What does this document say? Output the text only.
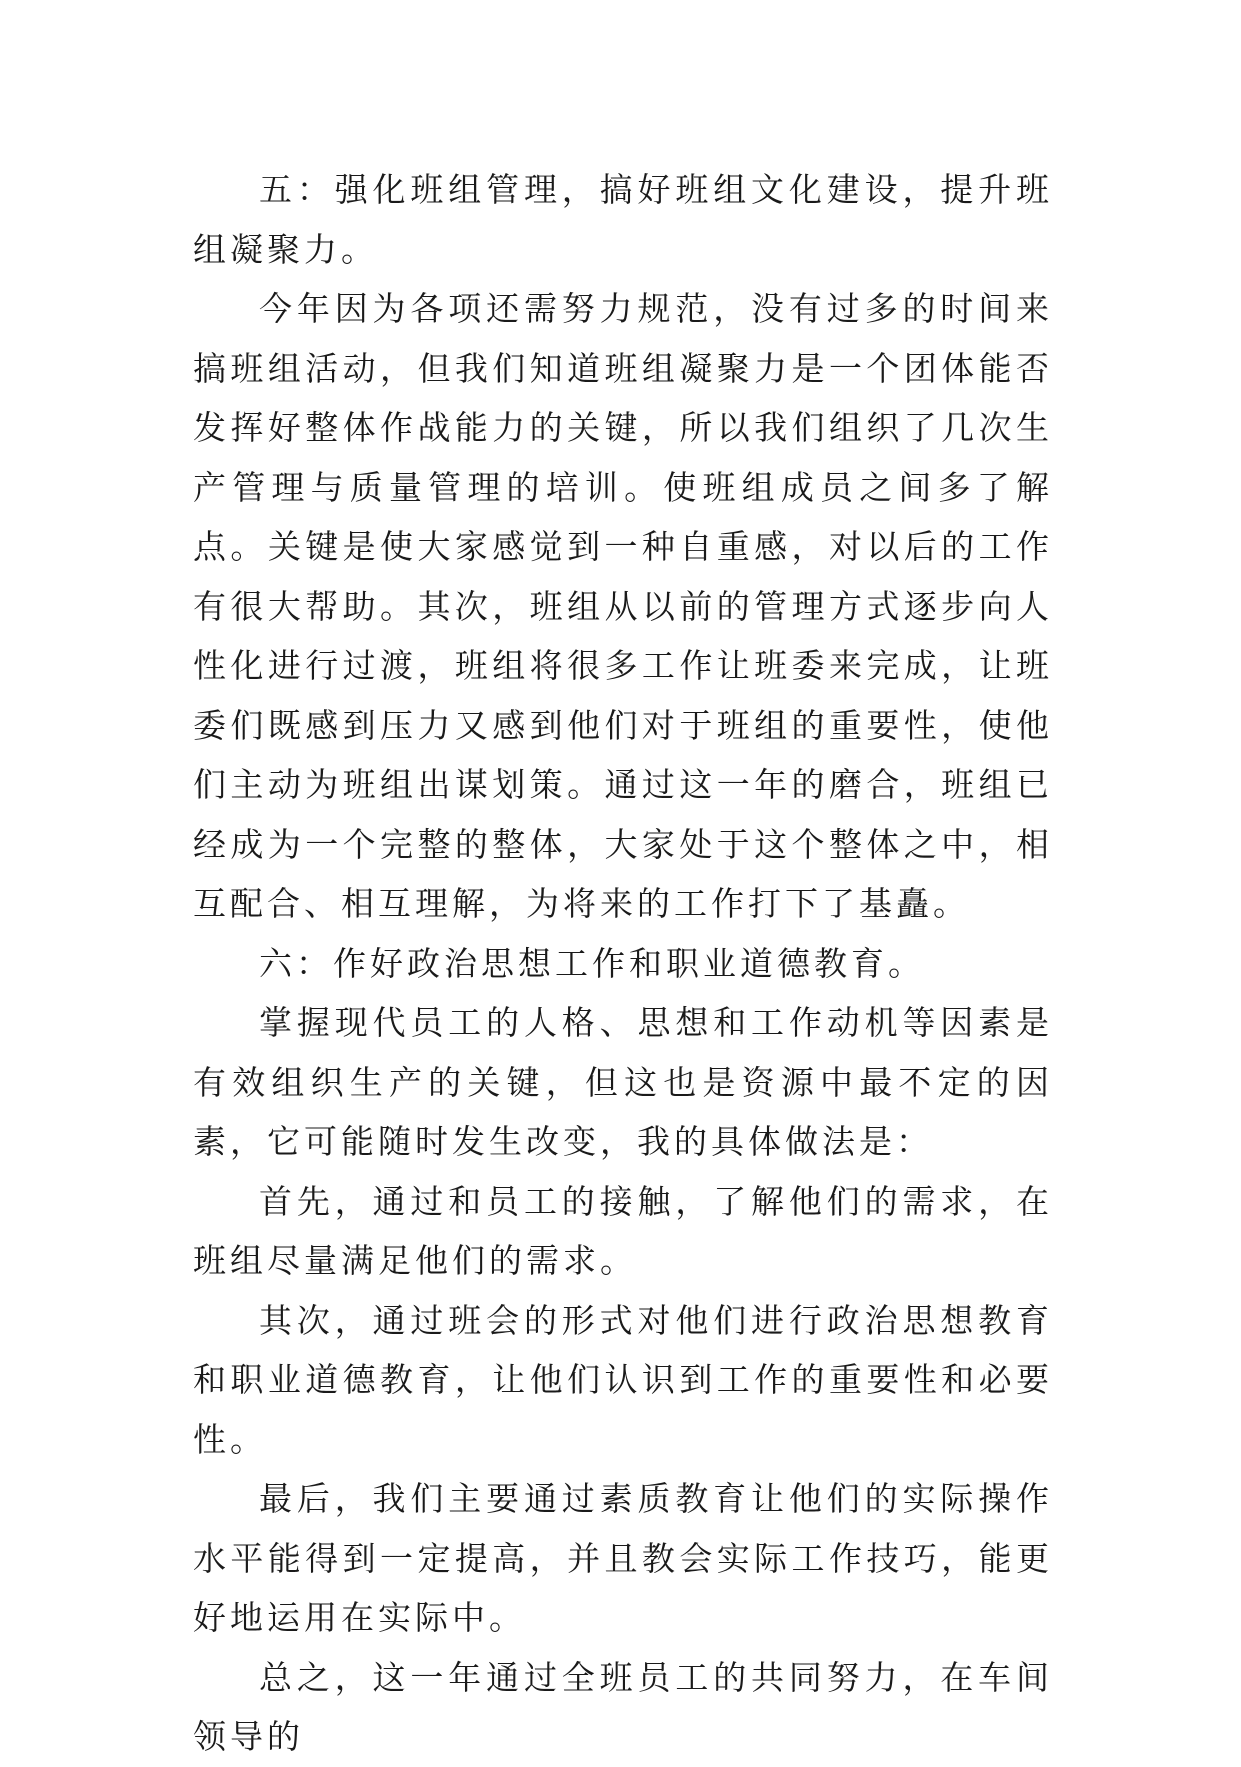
五：强化班组管理，搞好班组文化建设，提升班组凝聚力。

今年因为各项还需努力规范，没有过多的时间来搞班组活动，但我们知道班组凝聚力是一个团体能否发挥好整体作战能力的关键，所以我们组织了几次生产管理与质量管理的培训。使班组成员之间多了解点。关键是使大家感觉到一种自重感，对以后的工作有很大帮助。其次，班组从以前的管理方式逐步向人性化进行过渡，班组将很多工作让班委来完成，让班委们既感到压力又感到他们对于班组的重要性，使他们主动为班组出谋划策。通过这一年的磨合，班组已经成为一个完整的整体，大家处于这个整体之中，相互配合、相互理解，为将来的工作打下了基矗。

六：作好政治思想工作和职业道德教育。

掌握现代员工的人格、思想和工作动机等因素是有效组织生产的关键，但这也是资源中最不定的因素，它可能随时发生改变，我的具体做法是：

首先，通过和员工的接触，了解他们的需求，在班组尽量满足他们的需求。

其次，通过班会的形式对他们进行政治思想教育和职业道德教育，让他们认识到工作的重要性和必要性。

最后，我们主要通过素质教育让他们的实际操作水平能得到一定提高，并且教会实际工作技巧，能更好地运用在实际中。

总之，这一年通过全班员工的共同努力，在车间领导的
